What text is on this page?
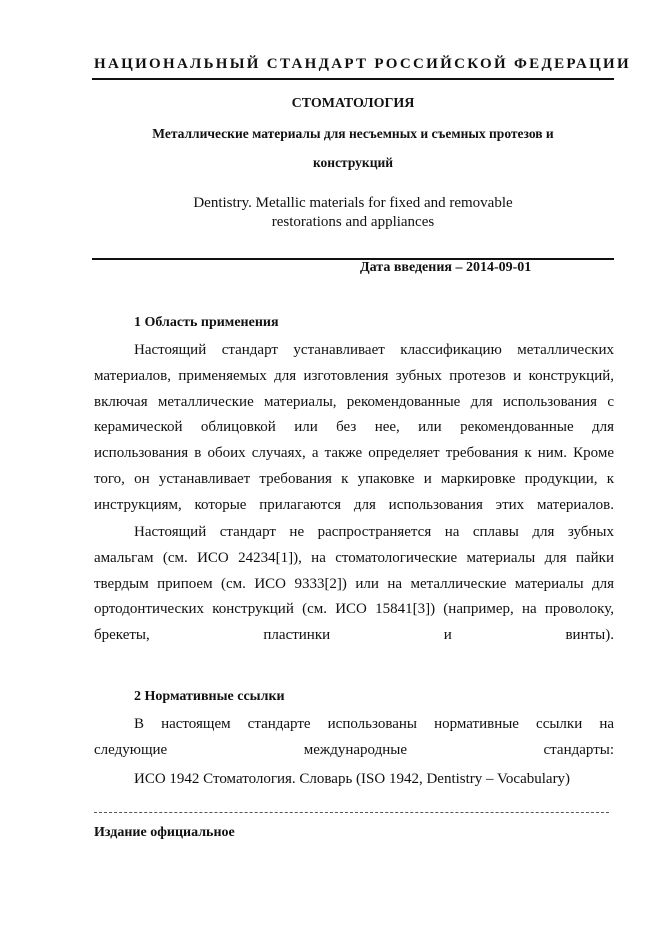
НАЦИОНАЛЬНЫЙ СТАНДАРТ РОССИЙСКОЙ ФЕДЕРАЦИИ
СТОМАТОЛОГИЯ
Металлические материалы для несъемных и съемных протезов и
конструкций
Dentistry. Metallic materials for fixed and removable
restorations and appliances
Дата введения – 2014-09-01
1 Область применения
Настоящий стандарт устанавливает классификацию металлических
материалов, применяемых для изготовления зубных протезов и конструкций,
включая металлические материалы, рекомендованные для использования с
керамической облицовкой или без нее, или рекомендованные для
использования в обоих случаях, а также определяет требования к ним. Кроме
того, он устанавливает требования к упаковке и маркировке продукции, к
инструкциям, которые прилагаются для использования этих материалов.
Настоящий стандарт не распространяется на сплавы для зубных
амальгам (см. ИСО 24234[1]), на стоматологические материалы для пайки
твердым припоем (см. ИСО 9333[2]) или на металлические материалы для
ортодонтических конструкций (см. ИСО 15841[3]) (например, на проволоку,
брекеты, пластинки и винты).
2 Нормативные ссылки
В настоящем стандарте использованы нормативные ссылки на
следующие международные стандарты:
ИСО 1942 Стоматология. Словарь (ISO 1942, Dentistry – Vocabulary)
Издание официальное
